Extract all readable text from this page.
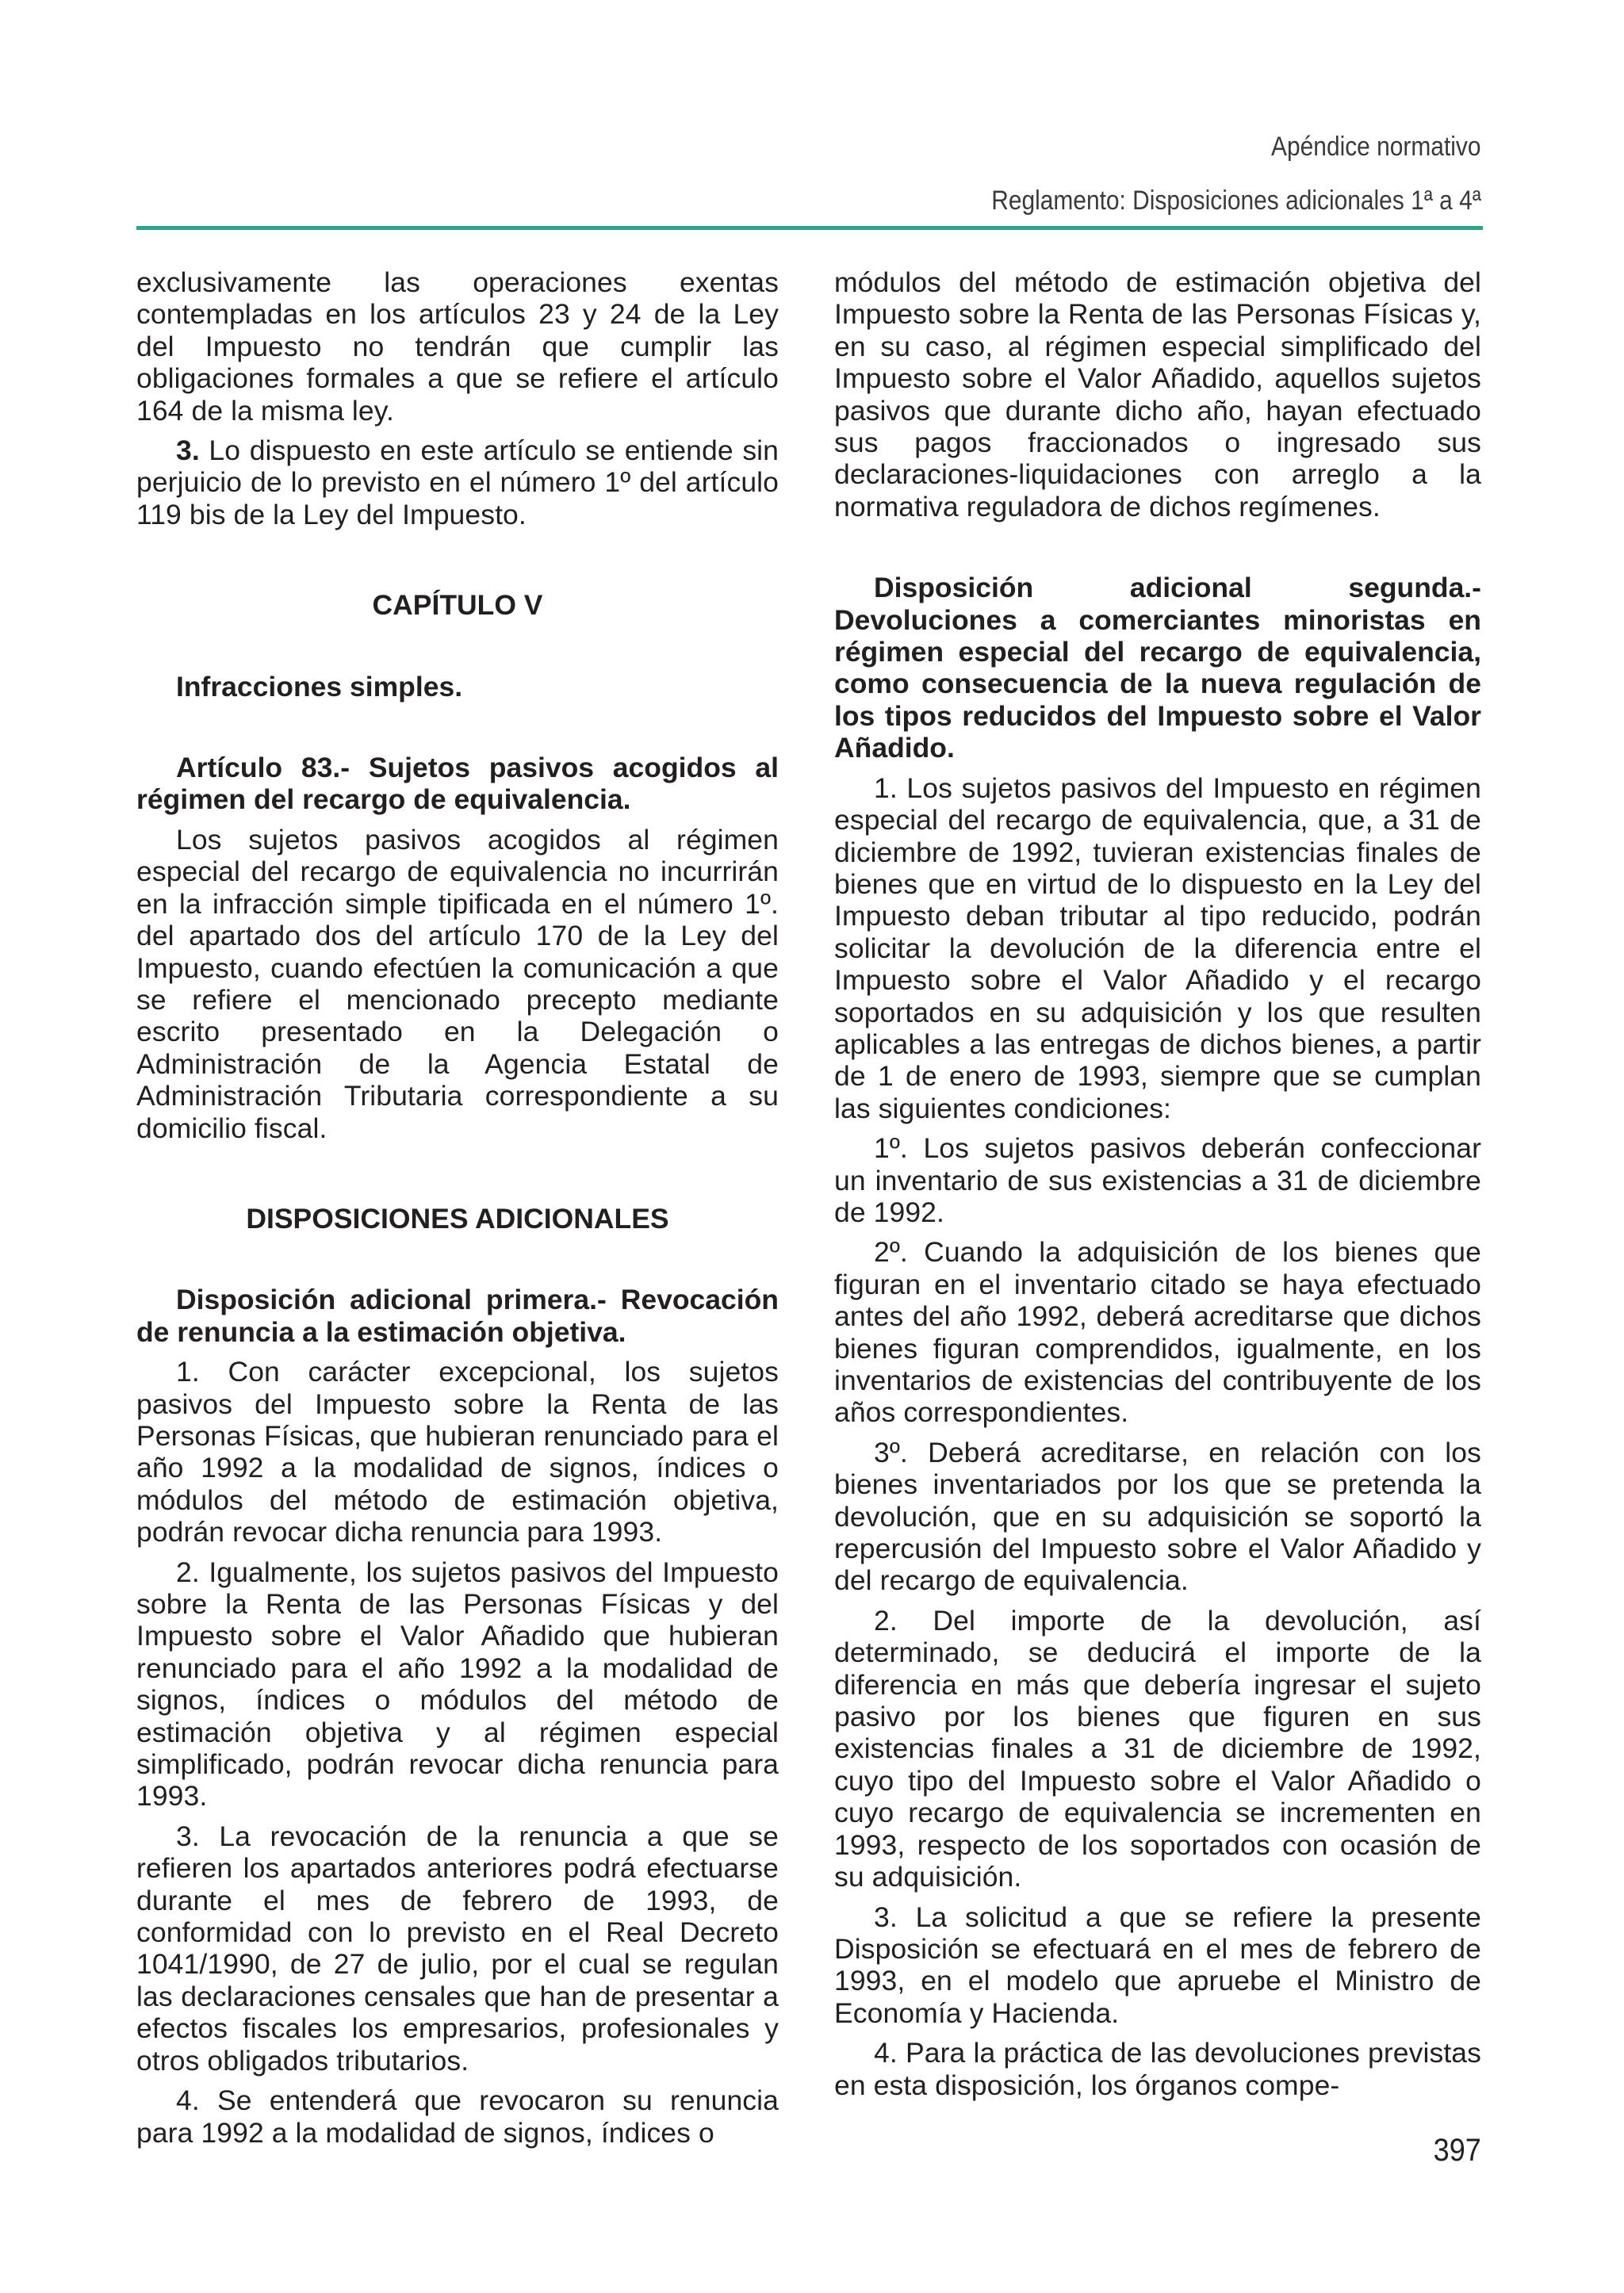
Apéndice normativo
Reglamento: Disposiciones adicionales 1ª a 4ª

exclusivamente las operaciones exentas contempladas en los artículos 23 y 24 de la Ley del Impuesto no tendrán que cumplir las obligaciones formales a que se refiere el artículo 164 de la misma ley.

3. Lo dispuesto en este artículo se entiende sin perjuicio de lo previsto en el número 1º del artículo 119 bis de la Ley del Impuesto.

CAPÍTULO V
Infracciones simples.
Artículo 83.- Sujetos pasivos acogidos al régimen del recargo de equivalencia.

Los sujetos pasivos acogidos al régimen especial del recargo de equivalencia no incurrirán en la infracción simple tipificada en el número 1º. del apartado dos del artículo 170 de la Ley del Impuesto, cuando efectúen la comunicación a que se refiere el mencionado precepto mediante escrito presentado en la Delegación o Administración de la Agencia Estatal de Administración Tributaria correspondiente a su domicilio fiscal.

DISPOSICIONES ADICIONALES
Disposición adicional primera.- Revocación de renuncia a la estimación objetiva.

1. Con carácter excepcional, los sujetos pasivos del Impuesto sobre la Renta de las Personas Físicas, que hubieran renunciado para el año 1992 a la modalidad de signos, índices o módulos del método de estimación objetiva, podrán revocar dicha renuncia para 1993.

2. Igualmente, los sujetos pasivos del Impuesto sobre la Renta de las Personas Físicas y del Impuesto sobre el Valor Añadido que hubieran renunciado para el año 1992 a la modalidad de signos, índices o módulos del método de estimación objetiva y al régimen especial simplificado, podrán revocar dicha renuncia para 1993.

3. La revocación de la renuncia a que se refieren los apartados anteriores podrá efectuarse durante el mes de febrero de 1993, de conformidad con lo previsto en el Real Decreto 1041/1990, de 27 de julio, por el cual se regulan las declaraciones censales que han de presentar a efectos fiscales los empresarios, profesionales y otros obligados tributarios.

4. Se entenderá que revocaron su renuncia para 1992 a la modalidad de signos, índices o

módulos del método de estimación objetiva del Impuesto sobre la Renta de las Personas Físicas y, en su caso, al régimen especial simplificado del Impuesto sobre el Valor Añadido, aquellos sujetos pasivos que durante dicho año, hayan efectuado sus pagos fraccionados o ingresado sus declaraciones-liquidaciones con arreglo a la normativa reguladora de dichos regímenes.

Disposición adicional segunda.- Devoluciones a comerciantes minoristas en régimen especial del recargo de equivalencia, como consecuencia de la nueva regulación de los tipos reducidos del Impuesto sobre el Valor Añadido.

1. Los sujetos pasivos del Impuesto en régimen especial del recargo de equivalencia, que, a 31 de diciembre de 1992, tuvieran existencias finales de bienes que en virtud de lo dispuesto en la Ley del Impuesto deban tributar al tipo reducido, podrán solicitar la devolución de la diferencia entre el Impuesto sobre el Valor Añadido y el recargo soportados en su adquisición y los que resulten aplicables a las entregas de dichos bienes, a partir de 1 de enero de 1993, siempre que se cumplan las siguientes condiciones:

1º. Los sujetos pasivos deberán confeccionar un inventario de sus existencias a 31 de diciembre de 1992.

2º. Cuando la adquisición de los bienes que figuran en el inventario citado se haya efectuado antes del año 1992, deberá acreditarse que dichos bienes figuran comprendidos, igualmente, en los inventarios de existencias del contribuyente de los años correspondientes.

3º. Deberá acreditarse, en relación con los bienes inventariados por los que se pretenda la devolución, que en su adquisición se soportó la repercusión del Impuesto sobre el Valor Añadido y del recargo de equivalencia.

2. Del importe de la devolución, así determinado, se deducirá el importe de la diferencia en más que debería ingresar el sujeto pasivo por los bienes que figuren en sus existencias finales a 31 de diciembre de 1992, cuyo tipo del Impuesto sobre el Valor Añadido o cuyo recargo de equivalencia se incrementen en 1993, respecto de los soportados con ocasión de su adquisición.

3. La solicitud a que se refiere la presente Disposición se efectuará en el mes de febrero de 1993, en el modelo que apruebe el Ministro de Economía y Hacienda.

4. Para la práctica de las devoluciones previstas en esta disposición, los órganos compe-

397
